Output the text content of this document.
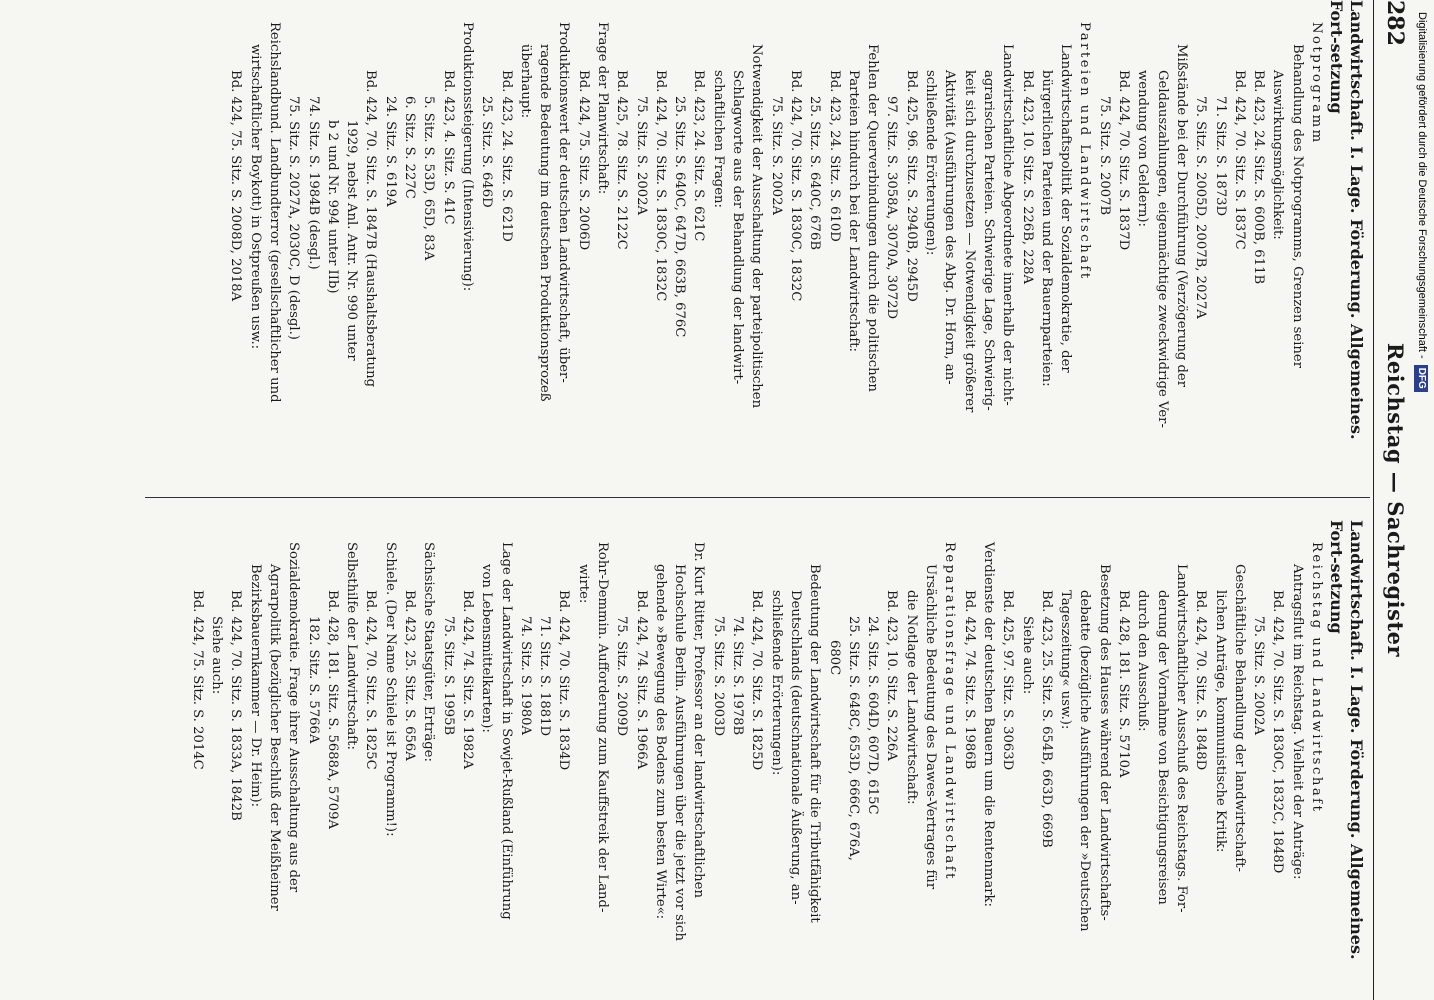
282
Reichstag — Sachregister
Landwirtschaft. I. Lage. Förderung. Allgemeines. Fort-setzung
Notprogramm
Behandlung des Notprogramms, Grenzen seiner
Auswirkungsmöglichkeit:
Bd. 423, 24. Sitz. S. 600B, 611B
Bd. 424, 70. Sitz. S. 1837C
71. Sitz. S. 1873D
75. Sitz. S. 2005D, 2007B, 2027A
Mißstände bei der Durchführung (Verzögerung der
Geldauszahlungen, eigenmächtige zweckwidrige Ver-
wendung von Geldern):
Bd. 424, 70. Sitz. S. 1837D
75. Sitz. S. 2007B
Parteien und Landwirtschaft
Landwirtschaftspolitik der Sozialdemokratie, der
bürgerlichen Parteien und der Bauernparteien:
Bd. 423, 10. Sitz. S. 226B, 228A
Landwirtschaftliche Abgeordnete innerhalb der nicht-
agrarischen Parteien. Schwierige Lage, Schwierig-
keit sich durchzusetzen — Notwendigkeit größerer
Aktivität (Ausführungen des Abg. Dr. Horn, an-
schließende Erörterungen):
Bd. 425, 96. Sitz. S. 2940B, 2945D
97. Sitz. S. 3058A, 3070A, 3072D
Fehlen der Querverbindungen durch die politischen
Parteien hindurch bei der Landwirtschaft:
Bd. 423, 24. Sitz. S. 610D
25. Sitz. S. 640C, 676B
Bd. 424, 70. Sitz. S. 1830C, 1832C
75. Sitz. S. 2002A
Notwendigkeit der Ausschaltung der parteipolitischen
Schlagworte aus der Behandlung der landwirt-
schaftlichen Fragen:
Bd. 423, 24. Sitz. S. 621C
25. Sitz. S. 640C, 647D, 663B, 676C
Bd. 424, 70. Sitz. S. 1830C, 1832C
75. Sitz. S. 2002A
Bd. 425, 78. Sitz. S. 2122C
Frage der Planwirtschaft:
Bd. 424, 75. Sitz. S. 2006D
Produktionswert der deutschen Landwirtschaft, über-
ragende Bedeutung im deutschen Produktionsprozeß
überhaupt:
Bd. 423, 24. Sitz. S. 621D
25. Sitz. S. 646D
Produktionssteigerung (Intensivierung):
Bd. 423, 4. Sitz. S. 41C
5. Sitz. S. 53D, 65D, 83A
6. Sitz. S. 227C
24. Sitz. S. 619A
Bd. 424, 70. Sitz. S. 1847B (Haushaltsberatung
1929, nebst Anl. Antr. Nr. 990 unter
b 2 und Nr. 994 unter IIb)
74. Sitz. S. 1984B (desgl.)
75. Sitz. S. 2027A, 2030C, D (desgl.)
Reichslandbund. Landbundterror (gesellschaftlicher und
wirtschaftlicher Boykott) in Ostpreußen usw.:
Bd. 424, 75. Sitz. S. 2008D, 2018A
Landwirtschaft. I. Lage. Förderung. Allgemeines. Fort-setzung
Reichstag und Landwirtschaft
Antragsflut im Reichstag. Vielheit der Anträge:
Bd. 424, 70. Sitz. S. 1830C, 1832C, 1848D
75. Sitz. S. 2002A
Geschäftliche Behandlung der landwirtschaft-
lichen Anträge, kommunistische Kritik:
Bd. 424, 70. Sitz. S. 1848D
Landwirtschaftlicher Ausschuß des Reichstags. For-
derung der Vornahme von Besichtigungsreisen
durch den Ausschuß:
Bd. 428, 181. Sitz. S. 5710A
Besetzung des Hauses während der Landwirtschafts-
debatte (bezügliche Ausführungen der »Deutschen
Tageszeitung« usw.):
Bd. 423, 25. Sitz. S. 654B, 663D, 669B
Siehe auch:
Bd. 425, 97. Sitz. S. 3063D
Verdienste der deutschen Bauern um die Rentenmark:
Bd. 424, 74. Sitz. S. 1986B
Reparationsfrage und Landwirtschaft
Ursächliche Bedeutung des Dawes-Vertrages für
die Notlage der Landwirtschaft:
Bd. 423, 10. Sitz. S. 226A
24. Sitz. S. 604D, 607D, 615C
25. Sitz. S. 648C, 653D, 666C, 676A,
680C
Bedeutung der Landwirtschaft für die Tributfähigkeit
Deutschlands (deutschnationale Äußerung, an-
schließende Erörterungen):
Bd. 424, 70. Sitz. S. 1825D
74. Sitz. S. 1978B
75. Sitz. S. 2003D
Dr. Kurt Ritter, Professor an der landwirtschaftlichen
Hochschule Berlin. Ausführungen über die jetzt vor sich
gehende »Bewegung des Bodens zum besten Wirte«:
Bd. 424, 74. Sitz. S. 1966A
75. Sitz. S. 2009D
Rohr-Demmin. Aufforderung zum Kauffstreik der Land-
wirte:
Bd. 424, 70. Sitz. S. 1834D
71. Sitz. S. 1881D
74. Sitz. S. 1980A
Lage der Landwirtschaft in Sowjet-Rußland (Einführung
von Lebensmittelkarten):
Bd. 424, 74. Sitz. S. 1982A
75. Sitz. S. 1995B
Sächsische Staatsgüter, Erträge:
Bd. 423, 25. Sitz. S. 656A
Schiele. (Der Name Schiele ist Programm!):
Bd. 424, 70. Sitz. S. 1825C
Selbsthilfe der Landwirtschaft:
Bd. 428, 181. Sitz. S. 5688A, 5709A
182. Sitz. S. 5766A
Sozialdemokratie. Frage ihrer Ausschaltung aus der
Agrarpolitik (bezüglicher Beschluß der Meißheimer
Bezirksbauernkammer — Dr. Heim):
Bd. 424, 70. Sitz. S. 1833A, 1842B
Siehe auch:
Bd. 424, 75. Sitz. S. 2014C
Digitalisierung gefördert durch die Deutsche Forschungsgemeinschaft -DFG
